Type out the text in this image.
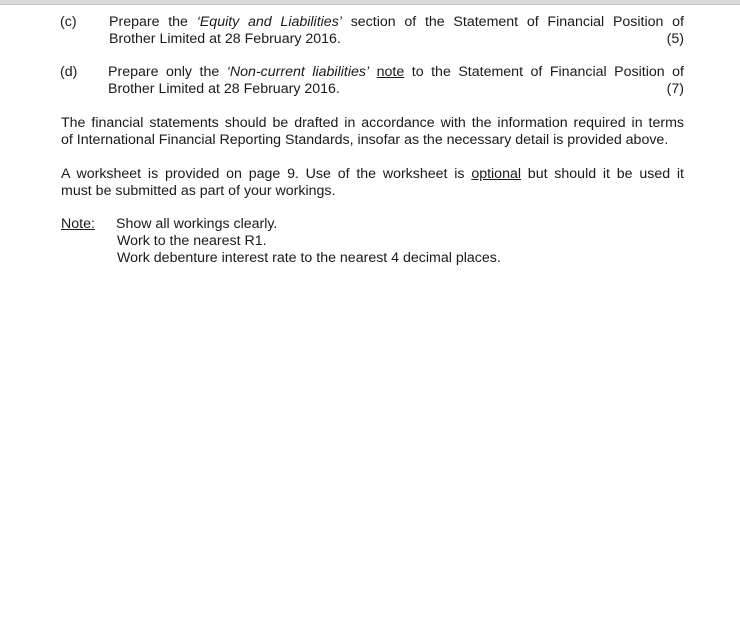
(c) Prepare the ‘Equity and Liabilities’ section of the Statement of Financial Position of
Brother Limited at 28 February 2016.	(5)
(d) Prepare only the ‘Non-current liabilities’ note to the Statement of Financial Position of
Brother Limited at 28 February 2016.	(7)
The financial statements should be drafted in accordance with the information required in terms
of International Financial Reporting Standards, insofar as the necessary detail is provided above.
A worksheet is provided on page 9. Use of the worksheet is optional but should it be used it
must be submitted as part of your workings.
Note: Show all workings clearly.
Work to the nearest R1.
Work debenture interest rate to the nearest 4 decimal places.
